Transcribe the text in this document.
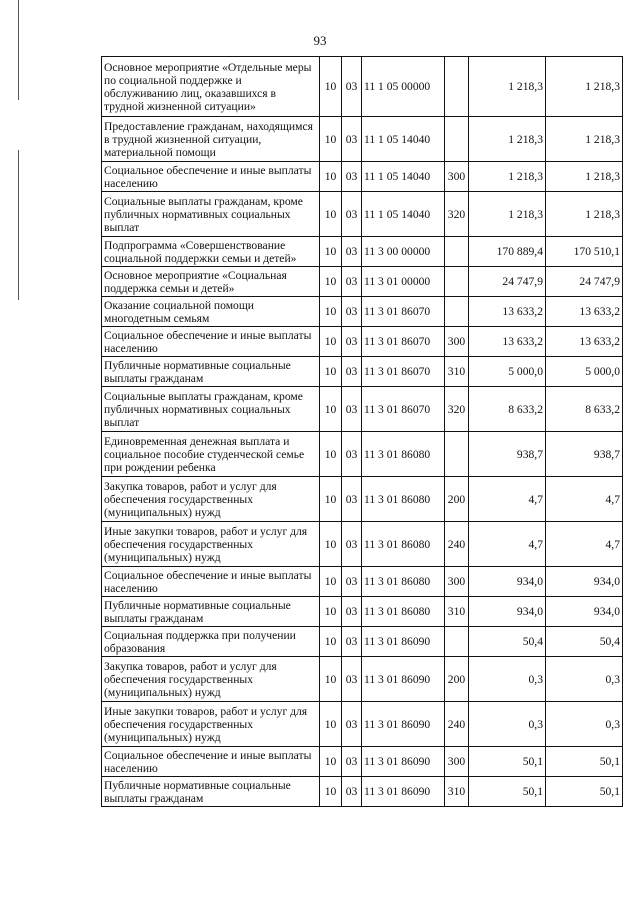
93
Основное мероприятие «Отдельные меры по социальной поддержке и обслуживанию лиц, оказавшихся в трудной жизненной ситуации»	10	03	11 1 05 00000		1 218,3	1 218,3
Предоставление гражданам, находящимся в трудной жизненной ситуации, материальной помощи	10	03	11 1 05 14040		1 218,3	1 218,3
Социальное обеспечение и иные выплаты населению	10	03	11 1 05 14040	300	1 218,3	1 218,3
Социальные выплаты гражданам, кроме публичных нормативных социальных выплат	10	03	11 1 05 14040	320	1 218,3	1 218,3
Подпрограмма «Совершенствование социальной поддержки семьи и детей»	10	03	11 3 00 00000		170 889,4	170 510,1
Основное мероприятие «Социальная поддержка семьи и детей»	10	03	11 3 01 00000		24 747,9	24 747,9
Оказание социальной помощи многодетным семьям	10	03	11 3 01 86070		13 633,2	13 633,2
Социальное обеспечение и иные выплаты населению	10	03	11 3 01 86070	300	13 633,2	13 633,2
Публичные нормативные социальные выплаты гражданам	10	03	11 3 01 86070	310	5 000,0	5 000,0
Социальные выплаты гражданам, кроме публичных нормативных социальных выплат	10	03	11 3 01 86070	320	8 633,2	8 633,2
Единовременная денежная выплата и социальное пособие студенческой семье при рождении ребенка	10	03	11 3 01 86080		938,7	938,7
Закупка товаров, работ и услуг для обеспечения государственных (муниципальных) нужд	10	03	11 3 01 86080	200	4,7	4,7
Иные закупки товаров, работ и услуг для обеспечения государственных (муниципальных) нужд	10	03	11 3 01 86080	240	4,7	4,7
Социальное обеспечение и иные выплаты населению	10	03	11 3 01 86080	300	934,0	934,0
Публичные нормативные социальные выплаты гражданам	10	03	11 3 01 86080	310	934,0	934,0
Социальная поддержка при получении образования	10	03	11 3 01 86090		50,4	50,4
Закупка товаров, работ и услуг для обеспечения государственных (муниципальных) нужд	10	03	11 3 01 86090	200	0,3	0,3
Иные закупки товаров, работ и услуг для обеспечения государственных (муниципальных) нужд	10	03	11 3 01 86090	240	0,3	0,3
Социальное обеспечение и иные выплаты населению	10	03	11 3 01 86090	300	50,1	50,1
Публичные нормативные социальные выплаты гражданам	10	03	11 3 01 86090	310	50,1	50,1
